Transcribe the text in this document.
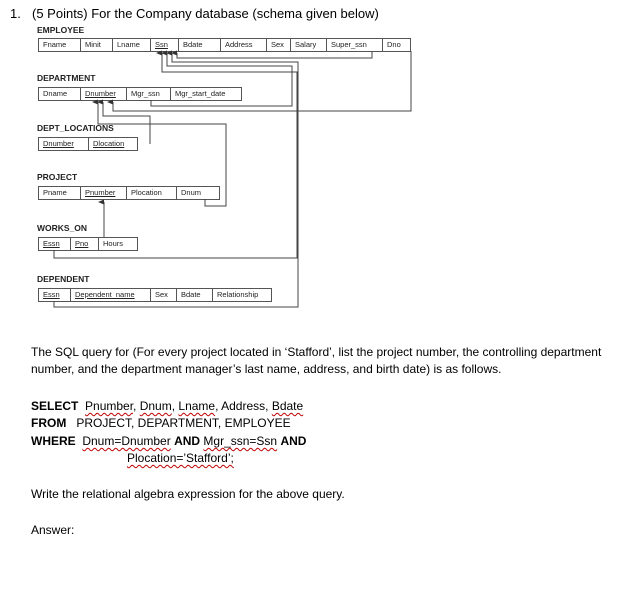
1. (5 Points) For the Company database (schema given below)
EMPLOYEE
Fname	Minit	Lname	Ssn	Bdate	Address	Sex	Salary	Super_ssn	Dno
DEPARTMENT
Dname	Dnumber	Mgr_ssn	Mgr_start_date
DEPT_LOCATIONS
Dnumber	Dlocation
PROJECT
Pname	Pnumber	Plocation	Dnum
WORKS_ON
Essn	Pno	Hours
DEPENDENT
Essn	Dependent_name	Sex	Bdate	Relationship
The SQL query for (For every project located in ‘Stafford’, list the project number, the controlling department number, and the department manager’s last name, address, and birth date) is as follows.
SELECT Pnumber, Dnum, Lname, Address, Bdate
FROM PROJECT, DEPARTMENT, EMPLOYEE
WHERE Dnum=Dnumber AND Mgr_ssn=Ssn AND
Plocation=’Stafford’;
Write the relational algebra expression for the above query.
Answer:
